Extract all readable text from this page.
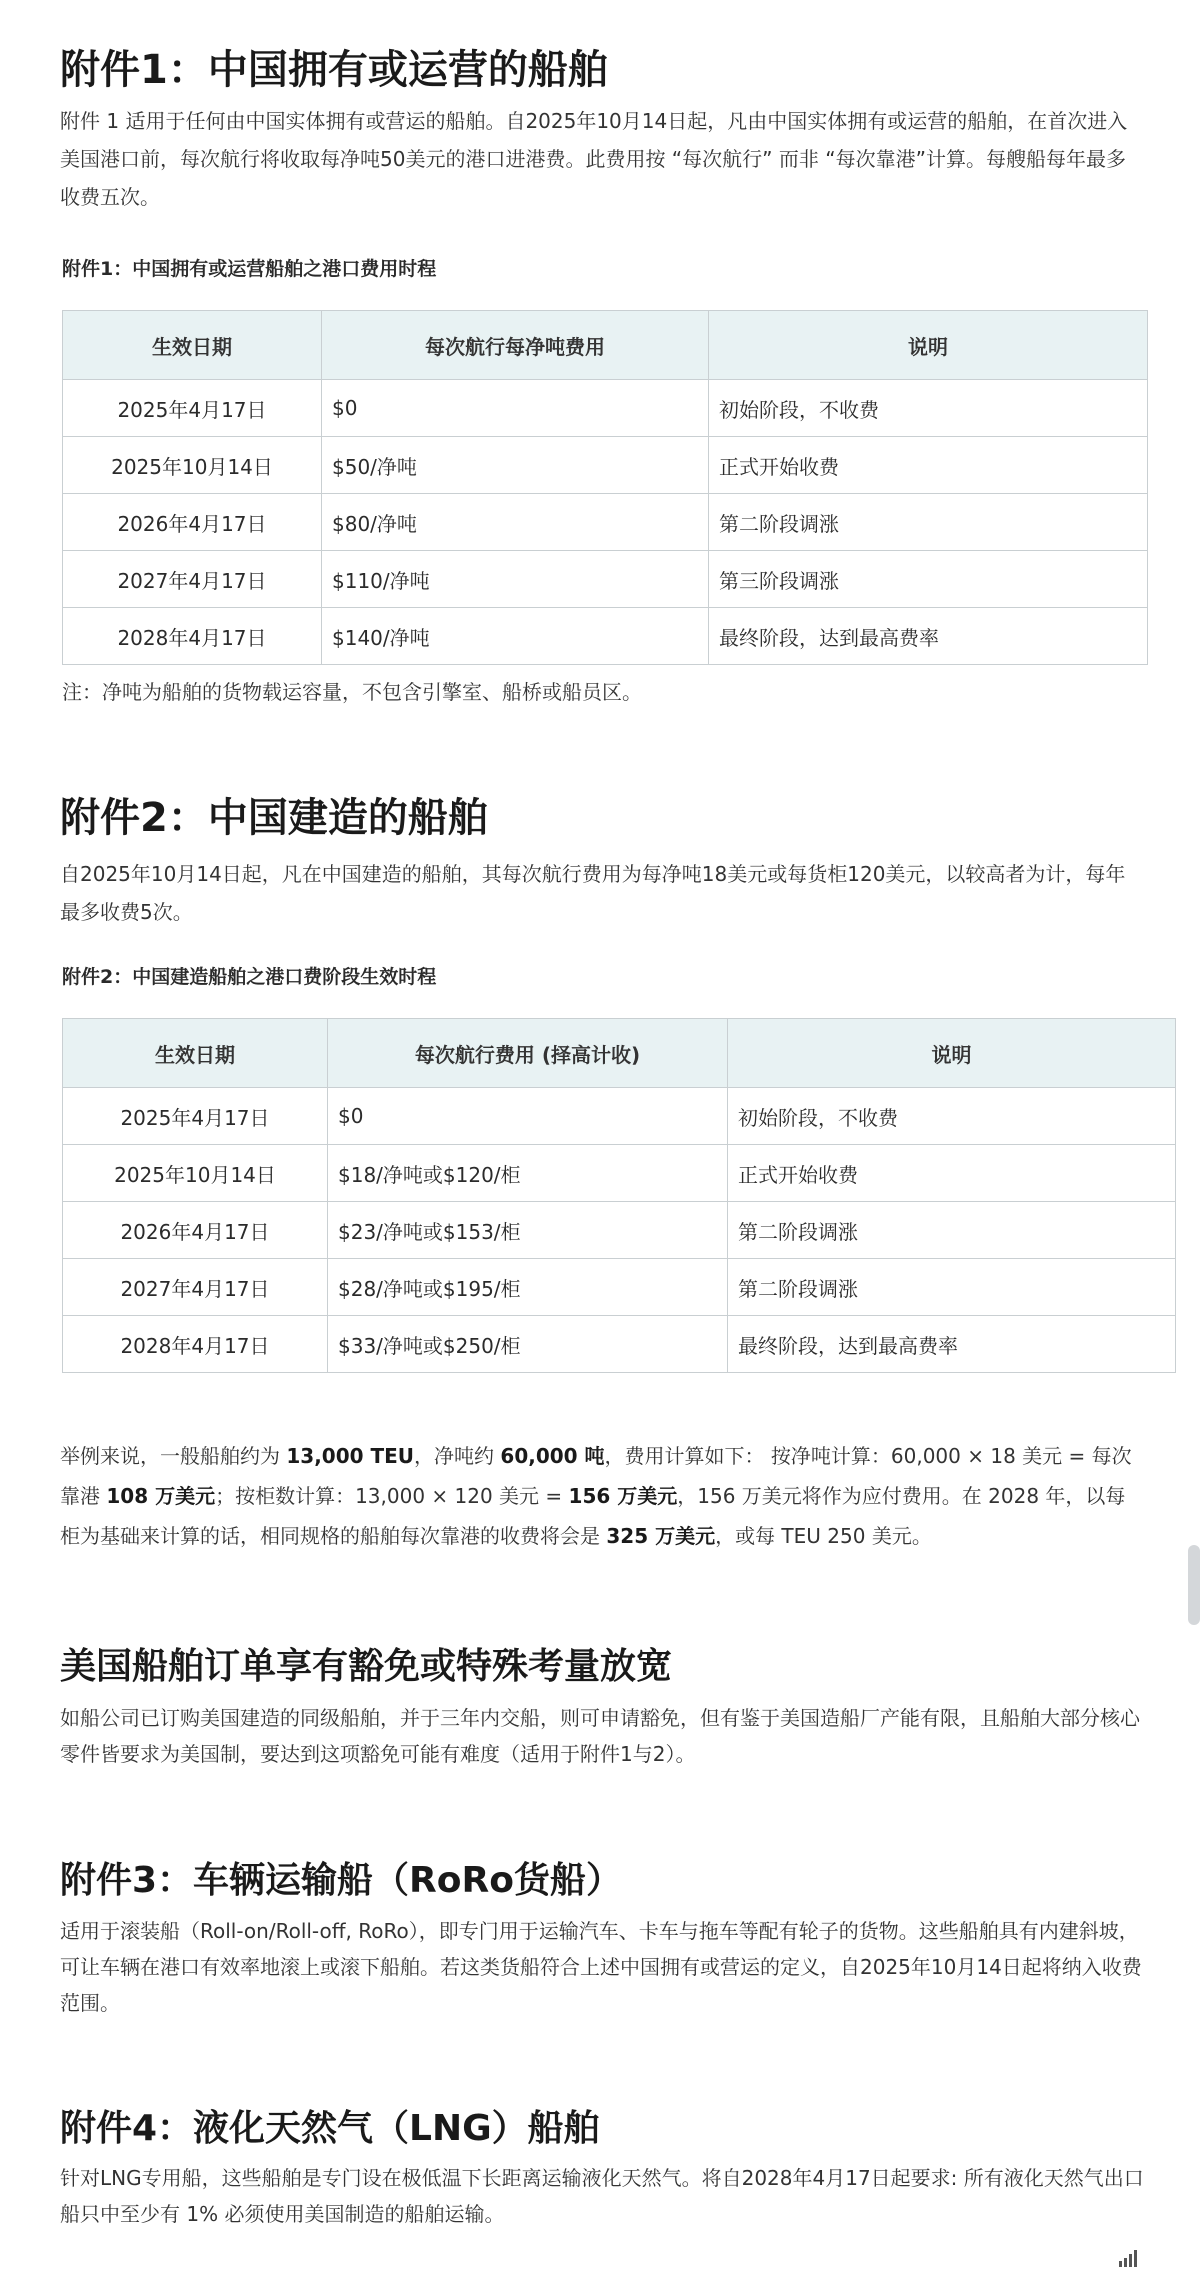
附件1：中国拥有或运营的船舶

附件 1 适用于任何由中国实体拥有或营运的船舶。自2025年10月14日起，凡由中国实体拥有或运营的船舶，在首次进入美国港口前，每次航行将收取每净吨50美元的港口进港费。此费用按 “每次航行” 而非 “每次靠港”计算。每艘船每年最多收费五次。

附件1：中国拥有或运营船舶之港口费用时程
生效日期	每次航行每净吨费用	说明
2025年4月17日	$0	初始阶段，不收费
2025年10月14日	$50/净吨	正式开始收费
2026年4月17日	$80/净吨	第二阶段调涨
2027年4月17日	$110/净吨	第三阶段调涨
2028年4月17日	$140/净吨	最终阶段，达到最高费率
注：净吨为船舶的货物载运容量，不包含引擎室、船桥或船员区。
附件2：中国建造的船舶

自2025年10月14日起，凡在中国建造的船舶，其每次航行费用为每净吨18美元或每货柜120美元，以较高者为计，每年最多收费5次。

附件2：中国建造船舶之港口费阶段生效时程
生效日期	每次航行费用 (择高计收)	说明
2025年4月17日	$0	初始阶段，不收费
2025年10月14日	$18/净吨或$120/柜	正式开始收费
2026年4月17日	$23/净吨或$153/柜	第二阶段调涨
2027年4月17日	$28/净吨或$195/柜	第二阶段调涨
2028年4月17日	$33/净吨或$250/柜	最终阶段，达到最高费率

举例来说，一般船舶约为 13,000 TEU，净吨约 60,000 吨，费用计算如下： 按净吨计算：60,000 × 18 美元 = 每次靠港 108 万美元；按柜数计算：13,000 × 120 美元 = 156 万美元，156 万美元将作为应付费用。在 2028 年，以每柜为基础来计算的话，相同规格的船舶每次靠港的收费将会是 325 万美元，或每 TEU 250 美元。

美国船舶订单享有豁免或特殊考量放宽

如船公司已订购美国建造的同级船舶，并于三年内交船，则可申请豁免，但有鉴于美国造船厂产能有限，且船舶大部分核心零件皆要求为美国制，要达到这项豁免可能有难度（适用于附件1与2）。

附件3：车辆运输船（RoRo货船）

适用于滚装船（Roll-on/Roll-off, RoRo），即专门用于运输汽车、卡车与拖车等配有轮子的货物。这些船舶具有内建斜坡，可让车辆在港口有效率地滚上或滚下船舶。若这类货船符合上述中国拥有或营运的定义，自2025年10月14日起将纳入收费范围。

附件4：液化天然气（LNG）船舶

针对LNG专用船，这些船舶是专门设在极低温下长距离运输液化天然气。将自2028年4月17日起要求: 所有液化天然气出口船只中至少有 1% 必须使用美国制造的船舶运输。
